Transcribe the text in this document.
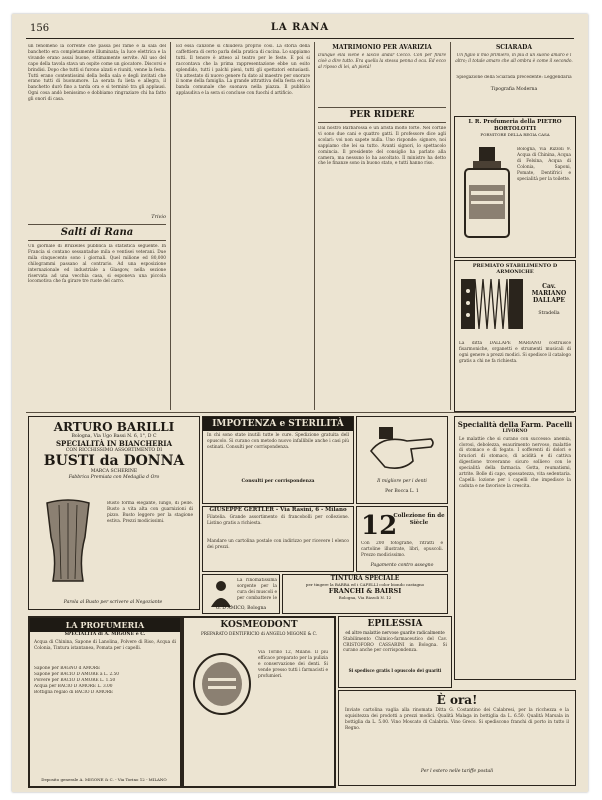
156	LA RANA

un fenomeno la corrente che passa pel rame e la sala del banchetto era completamente illuminata; la luce elettrica e la vivande erano assai buone, ottimamente servite. All uso del capo della tavola stava un ospite come un giocatore. Discorsi e brindisi. Dopo che tutti si furono alzati e riuniti, venne la festa. Tutti erano contentissimi della bella sala e degli invitati che erano tutti di buonumore. La serata fu lieta e allegra, il banchetto durò fino a tarda ora e si terminò tra gli applausi. Ogni cosa andò benissimo e dobbiamo ringraziare chi ha fatto gli onori di casa.

Trivio
Salti di Rana

Un giornale di Bruxelles pubblica la statistica seguente. In Francia si contano sessantadue mila e ventisei veterani. Due mila cinquecento sono i giornali. Quel milione ed 80,000 chilogrammi passano al contrario. Ad una esposizione internazionale ed industriale a Glasgow, nella sezione riservata ad una vecchia casa, si esponeva una piccola locomotiva che fa girare tre ruote del carro.

Ed essa canzone si chiudeva proprio così. La storia della caffettiera di certo parla della pratica di cucina. Lo sappiamo tutti. Il tenore è atteso al teatro per le feste. E poi si raccontava che la prima rappresentazione ebbe un esito splendido, tutti i palchi pieni, tutti gli spettatori entusiasti. Un attestato di nuovo genere fu dato al maestro per onorare il nome della famiglia. La grande attrattiva della festa era la banda comunale che suonava nella piazza. Il pubblico applaudiva e la sera si concluse con fuochi d artificio.

MATRIMONIO PER AVARIZIA

Dunque ella viene e lasciò andar Cecco. Con per finire cioè a dire tutto. Era quella la stessa penna d oca. Ed ecco al riposo di lei, ah pietà!

PER RIDERE

Dal nostro Barbarossa è un arista molto forte. Nel cortile vi sono due cani e quattro gatti. Il professore dice agli scolari: voi non sapete nulla. Uno risponde: signore, noi sappiamo che lei sa tutto. Avanti signori, lo spettacolo comincia. Il presidente del consiglio ha parlato alla camera, ma nessuno lo ha ascoltato. Il ministro ha detto che le finanze sono in buono stato, e tutti hanno riso.

SCIARADA

Un figlio il mio primiero, in più d un suono amaro e l altro; il totale amaro che all ombra è come il secondo.

Spiegazione della Sciarada precedente: Leggendaria

Tipografia Moderna
I. R. Profumeria della PIETRO BORTOLOTTI
FORNITORE DELLA REGIA CASA

Bologna, Via Rizzoli 9. Acqua di Chinina, Acqua di Felsina, Acqua di Colonia, Saponi, Pomate, Dentifrici e specialità per la toilette.

PREMIATO STABILIMENTO D ARMONICHE
Cav. MARIANO DALLAPE
Stradella

La ditta DALLAPE MARIANO costruisce fisarmoniche, organetti e strumenti musicali di ogni genere a prezzi modici. Si spedisce il catalogo gratis a chi ne fa richiesta.

ARTURO BARILLI
Bologna, Via Ugo Bassi N. 6, 1°, D C
SPECIALITÀ IN BIANCHERIA
CON RICCHISSIMO ASSORTIMENTO DI
BUSTI da DONNA
MARCA SCHERINE
Fabbrica Premiata con Medaglia d Oro

Busto forma elegante, lungo, di pelle. Busto a vita alta con guarnizioni di pizzo. Busto leggero per la stagione estiva. Prezzi modicissimi.

Parola al Busto per scrivere al Negoziante
IMPOTENZA e STERILITÀ

In chi sono state inutili tutte le cure. Spedizione gratuita dell opuscolo. Si curano con metodo nuovo infallibile anche i casi più ostinati. Consulti per corrispondenza.

Consulti per corrispondenza	Il migliore per i denti
Per Bocca L. 1
GIUSEPPE GERTLER - Via Rasini, 6 - Milano

Filatelia. Grande assortimento di francobolli per collezione. Listino gratis a richiesta.

Mandare un cartolina postale con indirizzo per ricevere l elenco dei prezzi.

12
Collezione fin de Siècle

Con 200 fotografie, ritratti e cartoline illustrate, libri, opuscoli. Prezzo modicissimo.

Pagamento contro assegno

La rinomatissima sorgente per la cura dei muscoli e per combattere le

G. D AMICO, Bologna
TINTURA SPECIALE
per tingere la BARBA ed i CAPELLI color biondo castagno
FRANCHI & BAIRSI
Bologna, Via Rizzoli N. 12
Specialità della Farm. Pacelli
LIVORNO

Le malattie che si curano con successo: anemia, clorosi, debolezza, esaurimento nervoso, malattie di stomaco e di fegato. I sofferenti di dolori e bruciori di stomaco, di acidità e di cattiva digestione troveranno sicuro sollievo con le specialità della farmacia. Gotta, reumatismi, artrite. Bolle di capo, spossatezza, vita sedentaria. Capelli: lozione per i capelli che impedisce la caduta e ne favorisce la crescita.

LA PROFUMERIA
SPECIALITÀ di A. MIGONE e C.

Acqua di Chinina, Sapone di Lanolina, Polvere di Riso, Acqua di Colonia, Tintura istantanea, Pomata per i capelli.

Sapone per BAGNO d AMORE
Sapone per BACIO D AMORE a L. 2.50
Polvere per BACIO D AMORE L. 1.50
Acqua per BACIO D AMORE L. 3.00
Bottiglia regalo di BACIO D AMORE
Deposito generale A. MIGONE & C. - Via Torino 12 - MILANO
KOSMEODONT
PREPARATO DENTIFRICIO di ANGELO MIGONE & C.

Via Torino 12, Milano. Il più efficace preparato per la pulizia e conservazione dei denti. Si vende presso tutti i farmacisti e profumieri.

EPILESSIA
ed altre malattie nervose guarite radicalmente

Stabilimento Chimico-farmaceutico del Cav. CRISTOFORO CASSARINI in Bologna. Si curano anche per corrispondenza.

Si spedisce gratis l opuscolo dei guariti
È ora!

Inviate cartolina vaglia alla rinomata Ditta G. Costantino dei Calabresi, per la ricchezza e la squisitezza dei prodotti a prezzi modici. Qualità Malaga in bottiglia da L. 6.50. Qualità Marsala in bottiglia da L. 5.00. Vino Moscato di Calabria. Vino Greco. Si spediscono franchi di porto in tutto il Regno.

Per l estero nelle tariffe postali
